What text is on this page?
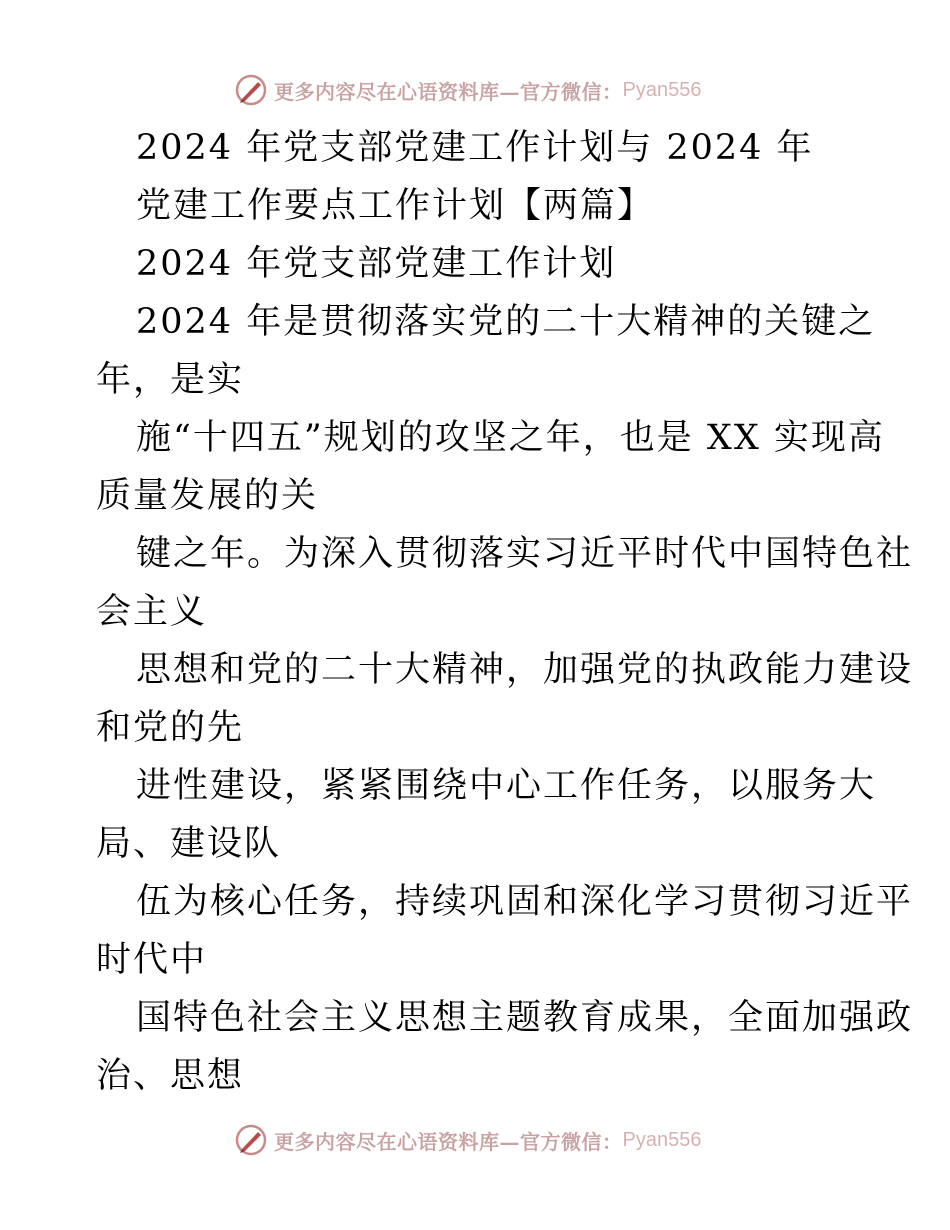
更多内容尽在心语资料库—官方微信： Pyan556
2024 年党支部党建工作计划与 2024 年
党建工作要点工作计划【两篇】
2024 年党支部党建工作计划
2024 年是贯彻落实党的二十大精神的关键之
年，是实
施“十四五”规划的攻坚之年，也是 XX 实现高
质量发展的关
键之年。为深入贯彻落实习近平时代中国特色社
会主义
思想和党的二十大精神，加强党的执政能力建设
和党的先
进性建设，紧紧围绕中心工作任务，以服务大
局、建设队
伍为核心任务，持续巩固和深化学习贯彻习近平
时代中
国特色社会主义思想主题教育成果，全面加强政
治、思想
更多内容尽在心语资料库—官方微信： Pyan556
